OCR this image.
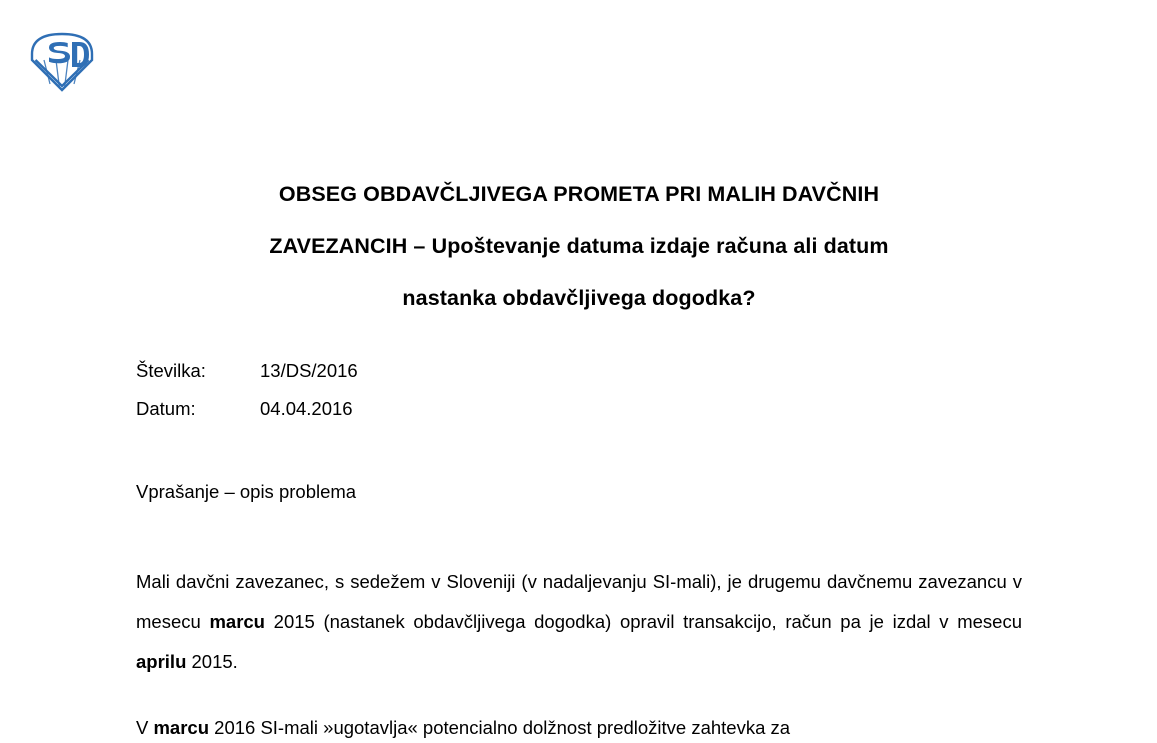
OBSEG OBDAVČLJIVEGA PROMETA PRI MALIH DAVČNIH
ZAVEZANCIH – Upoštevanje datuma izdaje računa ali datum
nastanka obdavčljivega dogodka?
Številka:	13/DS/2016
Datum:	04.04.2016
Vprašanje – opis problema

Mali davčni zavezanec, s sedežem v Sloveniji (v nadaljevanju SI-mali), je drugemu davčnemu zavezancu v mesecu marcu 2015 (nastanek obdavčljivega dogodka) opravil transakcijo, račun pa je izdal v mesecu aprilu 2015.

V marcu 2016 SI-mali »ugotavlja« potencialno dolžnost predložitve zahtevka za
